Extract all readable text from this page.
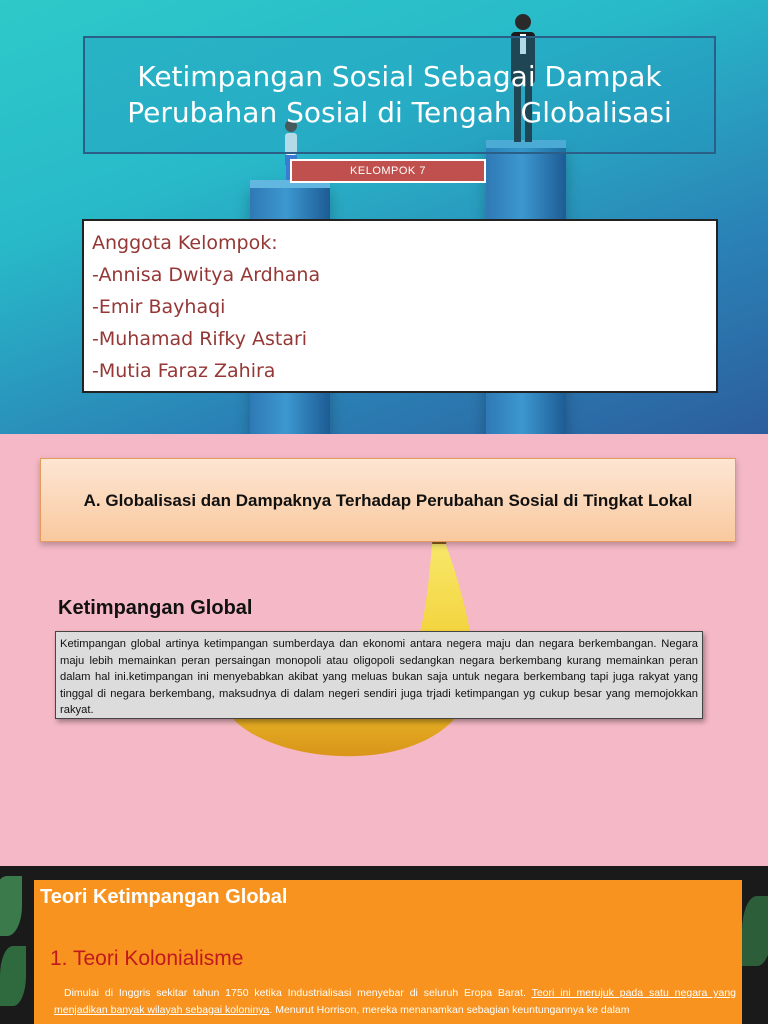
Ketimpangan Sosial Sebagai Dampak
Perubahan Sosial di Tengah Globalisasi
KELOMPOK 7
Anggota Kelompok:
-Annisa Dwitya Ardhana
-Emir Bayhaqi
-Muhamad Rifky Astari
-Mutia Faraz Zahira
A. Globalisasi dan Dampaknya Terhadap Perubahan Sosial di Tingkat Lokal
Ketimpangan Global
Ketimpangan global artinya ketimpangan sumberdaya dan ekonomi antara negera maju dan negara berkembangan. Negara maju lebih memainkan peran persaingan monopoli atau oligopoli sedangkan negara berkembang kurang memainkan peran dalam hal ini.ketimpangan ini menyebabkan akibat yang meluas bukan saja untuk negara berkembang tapi juga rakyat yang tinggal di negara berkembang, maksudnya di dalam negeri sendiri juga trjadi ketimpangan yg cukup besar yang memojokkan rakyat.
Teori Ketimpangan Global
1. Teori Kolonialisme
Dimulai di Inggris sekitar tahun 1750 ketika Industrialisasi menyebar di seluruh Eropa Barat. Teori ini merujuk pada satu negara yang menjadikan banyak wilayah sebagai koloninya. Menurut Horrison, mereka menanamkan sebagian keuntungannya ke dalam
